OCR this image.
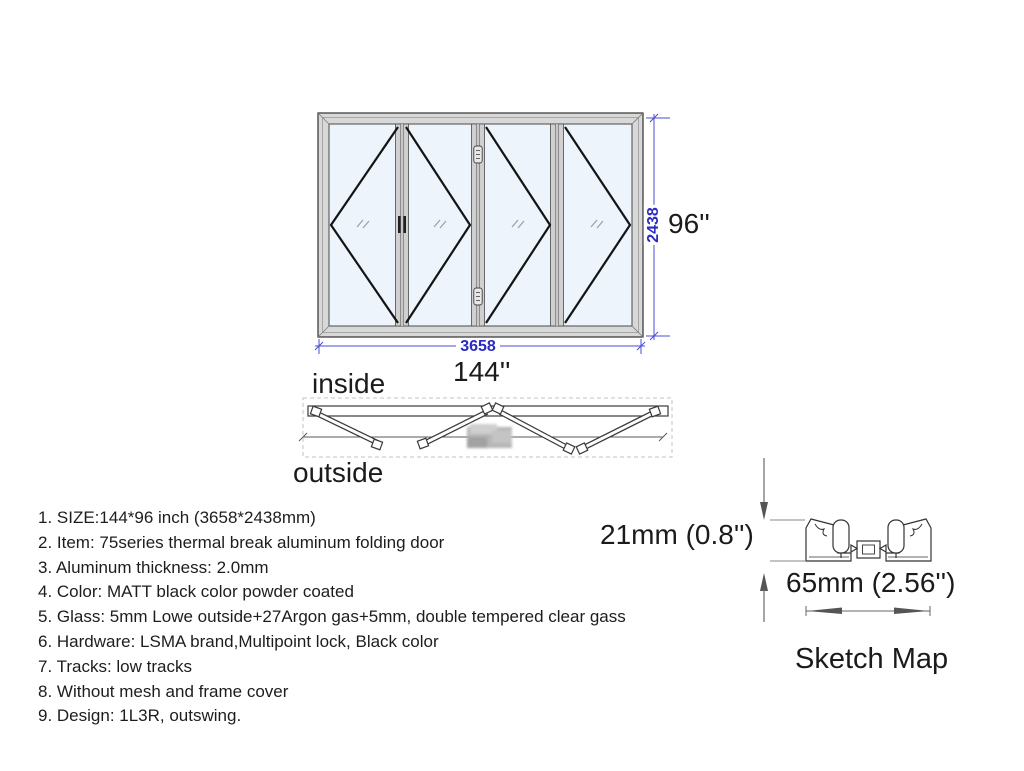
2438
3658
96''
144''
inside
outside
1. SIZE:144*96 inch (3658*2438mm)
2. Item: 75series thermal break aluminum folding door
3. Aluminum thickness: 2.0mm
4. Color: MATT black color powder coated
5. Glass: 5mm Lowe outside+27Argon gas+5mm, double tempered clear gass
6. Hardware: LSMA brand,Multipoint lock, Black color
7. Tracks: low tracks
8. Without mesh and frame cover
9. Design: 1L3R, outswing.
21mm (0.8'')
65mm (2.56'')
Sketch Map
